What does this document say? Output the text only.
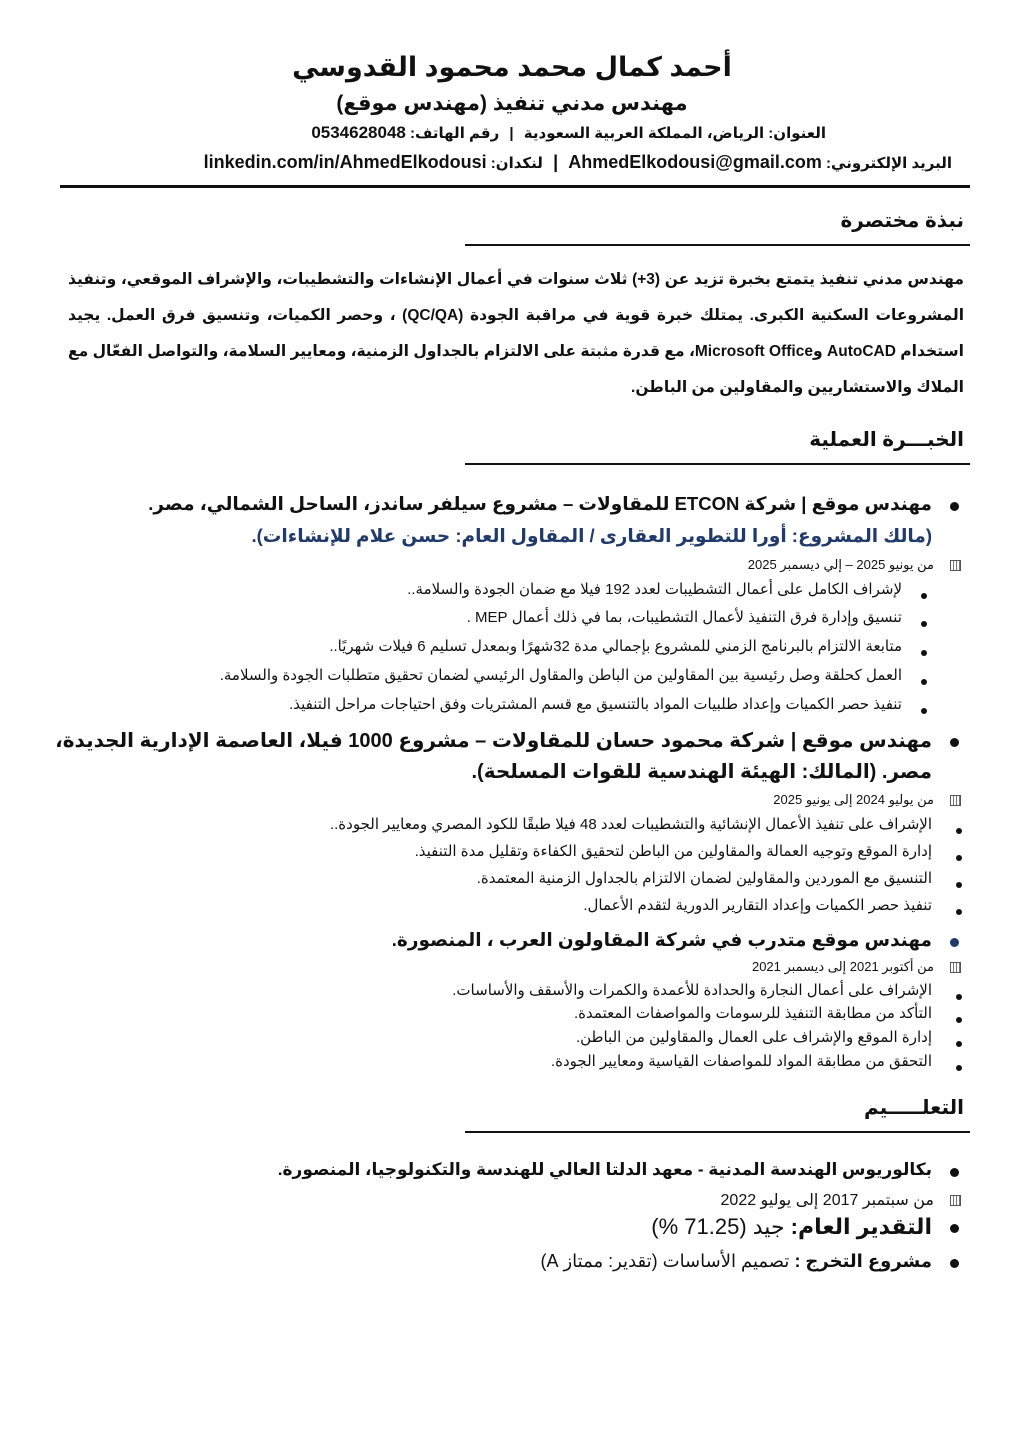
أحمد كمال محمد محمود القدوسي
مهندس مدني تنفيذ (مهندس موقع)
العنوان: الرياض، المملكة العربية السعودية | رقم الهاتف: 0534628048
البريد الإلكتروني: AhmedElkodousi@gmail.com | لنكدان: linkedin.com/in/AhmedElkodousi
نبذة مختصرة
مهندس مدني تنفيذ يتمتع بخبرة تزيد عن (3+) ثلاث سنوات في أعمال الإنشاءات والتشطيبات، والإشراف الموقعي، وتنفيذ المشروعات السكنية الكبرى. يمتلك خبرة قوية في مراقبة الجودة (QC/QA) ، وحصر الكميات، وتنسيق فرق العمل. يجيد استخدام AutoCAD وMicrosoft Office، مع قدرة مثبتة على الالتزام بالجداول الزمنية، ومعايير السلامة، والتواصل الفعّال مع الملاك والاستشاريين والمقاولين من الباطن.
الخبـــرة العملية
مهندس موقع | شركة ETCON للمقاولات – مشروع سيلفر ساندز، الساحل الشمالي، مصر.
(مالك المشروع: أورا للتطوير العقارى / المقاول العام: حسن علام للإنشاءات).
من يونيو 2025 – إلي ديسمبر 2025
لإشراف الكامل على أعمال التشطيبات لعدد 192 فيلا مع ضمان الجودة والسلامة..
تنسيق وإدارة فرق التنفيذ لأعمال التشطيبات، بما في ذلك أعمال MEP .
متابعة الالتزام بالبرنامج الزمني للمشروع بإجمالي مدة 32شهرًا وبمعدل تسليم 6 فيلات شهريًا..
العمل كحلقة وصل رئيسية بين المقاولين من الباطن والمقاول الرئيسي لضمان تحقيق متطلبات الجودة والسلامة.
تنفيذ حصر الكميات وإعداد طلبيات المواد بالتنسيق مع قسم المشتريات وفق احتياجات مراحل التنفيذ.
مهندس موقع | شركة محمود حسان للمقاولات – مشروع 1000 فيلا، العاصمة الإدارية الجديدة،
مصر. (المالك: الهيئة الهندسية للقوات المسلحة).
من يوليو 2024 إلى يونيو 2025
الإشراف على تنفيذ الأعمال الإنشائية والتشطيبات لعدد 48 فيلا طبقًا للكود المصري ومعايير الجودة..
إدارة الموقع وتوجيه العمالة والمقاولين من الباطن لتحقيق الكفاءة وتقليل مدة التنفيذ.
التنسيق مع الموردين والمقاولين لضمان الالتزام بالجداول الزمنية المعتمدة.
تنفيذ حصر الكميات وإعداد التقارير الدورية لتقدم الأعمال.
مهندس موقع متدرب في شركة المقاولون العرب ، المنصورة.
من أكتوبر 2021 إلى ديسمبر 2021
الإشراف على أعمال النجارة والحدادة للأعمدة والكمرات والأسقف والأساسات.
التأكد من مطابقة التنفيذ للرسومات والمواصفات المعتمدة.
إدارة الموقع والإشراف على العمال والمقاولين من الباطن.
التحقق من مطابقة المواد للمواصفات القياسية ومعايير الجودة.
التعلـــــيم
بكالوريوس الهندسة المدنية - معهد الدلتا العالي للهندسة والتكنولوجيا، المنصورة.
من سبتمبر 2017 إلى يوليو 2022
التقدير العام: جيد (71.25 %)
مشروع التخرج : تصميم الأساسات (تقدير: ممتاز A)
